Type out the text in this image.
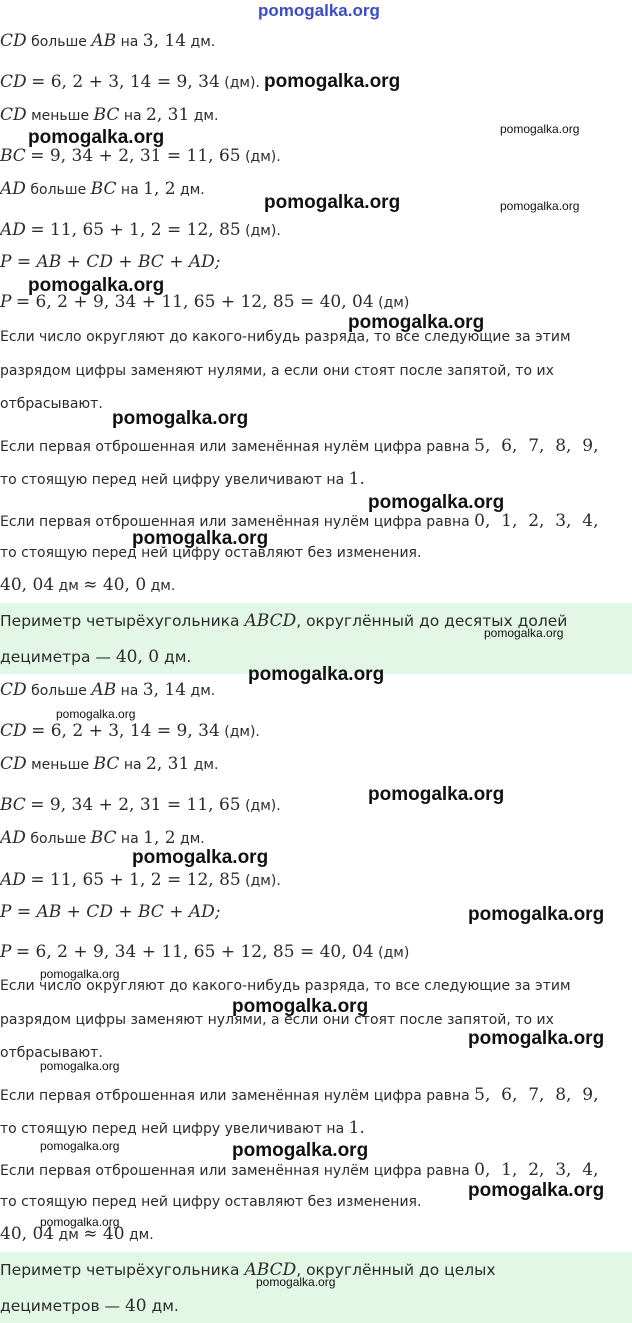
pomogalka.org
CD больше AB на 3, 14 дм.
CD = 6, 2 + 3, 14 = 9, 34 (дм).
CD меньше BC на 2, 31 дм.
BC = 9, 34 + 2, 31 = 11, 65 (дм).
AD больше BC на 1, 2 дм.
AD = 11, 65 + 1, 2 = 12, 85 (дм).
P = AB + CD + BC + AD;
P = 6, 2 + 9, 34 + 11, 65 + 12, 85 = 40, 04 (дм)
Если число округляют до какого-нибудь разряда, то все следующие за этим
разрядом цифры заменяют нулями, а если они стоят после запятой, то их
отбрасывают.
Если первая отброшенная или заменённая нулём цифра равна 5,  6,  7,  8,  9,
то стоящую перед ней цифру увеличивают на 1.
Если первая отброшенная или заменённая нулём цифра равна 0,  1,  2,  3,  4,
то стоящую перед ней цифру оставляют без изменения.
40, 04 дм ≈ 40, 0 дм.
Периметр четырёхугольника ABCD, округлённый до десятых долей
дециметра — 40, 0 дм.
CD больше AB на 3, 14 дм.
CD = 6, 2 + 3, 14 = 9, 34 (дм).
CD меньше BC на 2, 31 дм.
BC = 9, 34 + 2, 31 = 11, 65 (дм).
AD больше BC на 1, 2 дм.
AD = 11, 65 + 1, 2 = 12, 85 (дм).
P = AB + CD + BC + AD;
P = 6, 2 + 9, 34 + 11, 65 + 12, 85 = 40, 04 (дм)
Если число округляют до какого-нибудь разряда, то все следующие за этим
разрядом цифры заменяют нулями, а если они стоят после запятой, то их
отбрасывают.
Если первая отброшенная или заменённая нулём цифра равна 5,  6,  7,  8,  9,
то стоящую перед ней цифру увеличивают на 1.
Если первая отброшенная или заменённая нулём цифра равна 0,  1,  2,  3,  4,
то стоящую перед ней цифру оставляют без изменения.
40, 04 дм ≈ 40 дм.
Периметр четырёхугольника ABCD, округлённый до целых
дециметров — 40 дм.
pomogalka.org
pomogalka.org	pomogalka.org
pomogalka.org	pomogalka.org
pomogalka.org
pomogalka.org
pomogalka.org
pomogalka.org
pomogalka.org
pomogalka.org
pomogalka.org
pomogalka.org
pomogalka.org
pomogalka.org
pomogalka.org
pomogalka.org
pomogalka.org
pomogalka.org
pomogalka.org
pomogalka.org	pomogalka.org
pomogalka.org
pomogalka.org
pomogalka.org
